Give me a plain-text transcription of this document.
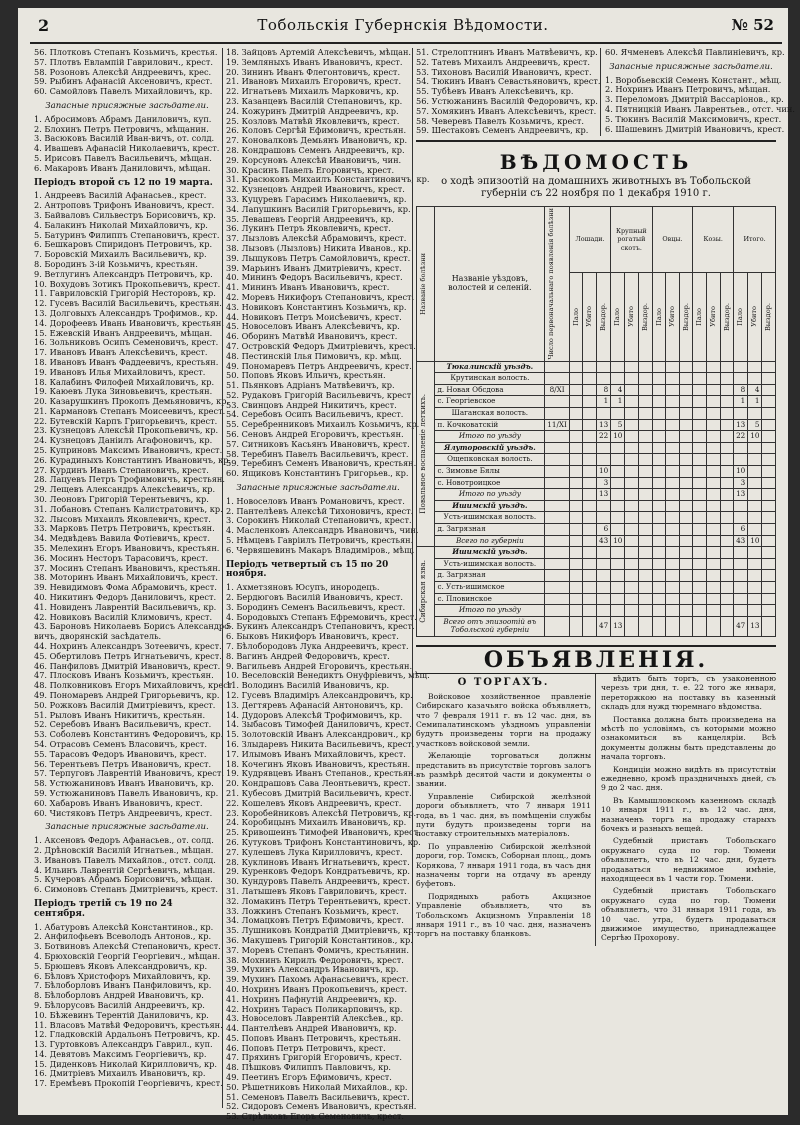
2	Тобольскія Губернскія Вѣдомости.	№ 52
56. Плотковъ Степанъ Козьмичъ, крестья.
57. Плотвъ Евлампій Гаврилович., крест.
58. Розоновъ Алексѣй Андреевичъ, крес.
59. Рыбинъ Афанасій Аксеновичъ, крест.
60. Самойловъ Павелъ Михайловичъ, кр.
Запасные присяжные засѣдатели.
1. Абросимовъ Абрамъ Даниловичъ, куп.
2. Блохинъ Петръ Петровичъ, мѣщанин.
3. Васюковъ Василій Иван-вичъ, от. солд.
4. Ивашевъ Афанасій Николаевичъ, крест.
5. Ирисовъ Павелъ Васильевичъ, мѣщан.
6. Макаровъ Иванъ Даниловичъ, мѣщан.
Періодъ второй съ 12 по 19 марта.
1. Андреевъ Василій Афанасьев., крест.
2. Антроповъ Трифонъ Ивановичъ, крест.
3. Байваловъ Сильвестръ Борисовичъ, кр.
4. Балакинъ Николай Михайловичъ, кр.
5. Батуринъ Филиппъ Степановичъ, крест.
6. Бешкаровъ Спиридонъ Петровичъ, кр.
7. Боровскій Михаилъ Васильевичъ, кр.
8. Бородинъ 3-ій Козьмичъ, крестьян.
9. Ветлугинъ Александръ Петровичъ, кр.
10. Вохудовъ Зотикъ Прокопьевичъ, крест.
11. Гавриловскій Григорій Несторовъ, кр.
12. Гусевъ Василій Васильевичъ, крестьян.
13. Долговыхъ Александръ Трофимов., кр.
14. Дорофеевъ Ивань Ивановичъ, крестьян.
15. Ежевскій Иванъ Андреевичъ, мѣщан.
16. Зольниковъ Осипъ Семеновичъ, крест.
17. Ивановъ Иванъ Алексѣевичъ, крест.
18. Ивановъ Иванъ Фаддеевичъ, крестьян.
19. Ивановъ Илья Михайловичъ, крест.
18. Калабинъ Филофей Михайловичъ, кр.
19. Каюевъ Лука Зиновьевичъ, крестьян.
20. Казарушкинъ Прокопъ Демьяновичъ, кр.
21. Кармановъ Степанъ Моисеевичъ, крест.
22. Бутевскій Карпъ Григорьевичъ, крест.
23. Кузнецовъ Алексѣй Прокопьевичъ, кр.
24. Кузнецовъ Даніилъ Агафоновичъ, кр.
25. Куприновъ Максимъ Ивановичъ, крест.
26. Курадиныхъ Константинъ Ивановичъ, кр.
27. Курдинъ Иванъ Степановичъ, крест.
28. Лацуевъ Петръ Трофимовичъ, крестьян.
29. Лещевъ Александръ Алексѣевичъ, кр.
30. Леоновъ Григорій Терентьевичъ, кр.
31. Лобановъ Степанъ Калистратовичъ, кр.
32. Лысовъ Михаилъ Яковлевичъ, крест.
33. Марковъ Петръ Петровичъ, крестьян.
34. Медвѣдевъ Вавила Фотіевичъ, крест.
35. Мелехинъ Егоръ Ивановичъ, крестьян.
36. Мосинъ Несторъ Тарасовичъ, крест.
37. Мосинъ Степанъ Ивановичъ, крестьян.
38. Моторинъ Иванъ Михайловичъ, крест.
39. Невидимовъ Фома Абрамовичъ, крест.
40. Никитинъ Федоръ Даниловичъ, крест.
41. Новиденъ Лаврентій Васильевичъ, кр.
42. Новиковъ Василій Климовичъ, крест.
43. Бароновъ Николаевъ Борисъ Александро-
вичъ, дворянскій засѣдатель.
44. Нохринъ Александръ Зотеевичъ, крест.
45. Обертиловъ Петръ Игнатьевичъ, крест.
46. Панфиловъ Дмитрій Ивановичъ, крест.
47. Плосковъ Иванъ Козьмичъ, крестьян.
48. Полковниковъ Егоръ Михайловичъ, крест.
49. Пономаревъ Андрей Григорьевичъ, кр.
50. Рожковъ Василій Дмитріевичъ, крест.
51. Рыловъ Иванъ Никитичъ, крестьян.
52. Серебовъ Иванъ Васильевичъ, крест.
53. Соболевъ Константинъ Федоровичъ, кр.
54. Отрасовъ Семенъ Власовичъ, крест.
55. Тарасовъ Федоръ Ивановичъ, крест.
56. Терентьевъ Петръ Ивановичъ, крест.
57. Терпуговъ Лаврентій Ивановичъ, крест.
58. Устюжаниновъ Иванъ Ивановичъ, кр.
59. Устюжаниновъ Павелъ Ивановичъ, кр.
60. Хабаровъ Иванъ Ивановичъ, крест.
60. Чистяковъ Петръ Андреевичъ, крест.
Запасные присяжные засѣдатели.
1. Аксеновъ Федоръ Афанасьев., от. солд.
2. Дрѣновскій Василій Игнатьев., мѣщан.
3. Ивановъ Павелъ Михайлов., отст. солд.
4. Ильинъ Лаврентій Сергѣевичъ, мѣщан.
5. Кучеровъ Абрамъ Борисовичъ, мѣщан.
6. Симоновъ Степанъ Дмитріевичъ, крест.
Періодъ третій съ 19 по 24 сентября.
1. Абатуровъ Алексѣй Константинов., кр.
2. Анфилофьевъ Всеволодъ Антонов., кр.
3. Ботвиновъ Алексѣй Степановичъ, крест.
4. Брюховскій Георгій Георгіевич., мѣщан.
5. Брюшевъ Яковъ Александровичъ, кр.
6. Бѣловъ Христофоръ Михайловичъ, кр.
7. Бѣлоборловъ Иванъ Панфиловичъ, кр.
8. Бѣлоборловъ Андрей Ивановичъ, кр.
9. Бѣлорусовъ Василій Андреевичъ, кр.
10. Бѣжевинъ Терентій Даниловичъ, кр.
11. Власовъ Матвѣй Федоровичъ, крестьян.
12. Гладковскій Ардальонъ Петровичъ, кр.
13. Гуртовковъ Александръ Гаврил., куп.
14. Девятовъ Максимъ Георгіевичъ, кр.
15. Диденковъ Николай Кирилловичъ, кр.
16. Дмитріевъ Михаилъ Ивановичъ, кр.
17. Еремѣевъ Прокопій Георгіевичъ, крест.
18. Зайцовъ Артемій Алексѣевичъ, мѣщан.
19. Земляныхъ Иванъ Ивановичъ, крест.
20. Зининъ Иванъ Флегонтовичъ, крест.
21. Ивановъ Михаилъ Егоровичъ, крест.
22. Игнатьевъ Михаилъ Марковичъ, кр.
23. Казанцевъ Василій Степановичъ, кр.
24. Кожуринъ Дмитрій Андреевичъ, кр.
25. Козловъ Матвѣй Яковлевичъ, крест.
26. Коловъ Сергѣй Ефимовичъ, крестьян.
27. Коновалковъ Демьянъ Ивановичъ, кр.
28. Кондрашовъ Семенъ Андреевичъ, кр.
29. Корсуновъ Алексѣй Ивановичъ, чин.
30. Красинъ Павелъ Егоровичъ, крест.
31. Красюковъ Михаилъ Константиновичъ, кр.
32. Кузнецовъ Андрей Ивановичъ, крест.
33. Куцуревъ Гарасимъ Николаевичъ, кр.
34. Лапушкинъ Василій Григорьевичъ, кр.
35. Левашевъ Георгій Андреевичъ, кр.
36. Лукинъ Петръ Яковлевичъ, крест.
37. Лызловъ Алексѣй Абрамовичъ, крест.
38. Лызовъ (Лызловъ) Никита Иванов., кр.
39. Лыщуковъ Петръ Самойловичъ, крест.
39. Марьинъ Иванъ Дмитріевичъ, крест.
40. Мининъ Федоръ Васильевичъ, крест.
41. Мининъ Иванъ Ивановичъ, крест.
42. Моревъ Никифоръ Степановичъ, крест.
43. Новиковъ Константинъ Козьмичъ, кр.
44. Новиковъ Петръ Моисѣевичъ, крест.
45. Новоселовъ Иванъ Алексѣевичъ, кр.
46. Оборинъ Матвѣй Ивановичъ, крест.
47. Островскій Федоръ Дмитріевичъ, крест.
48. Пестинскій Ілья Пимовичъ, кр. мѣщ.
49. Пономаревъ Петръ Андреевичъ, крест.
50. Поповъ Яковъ Ильичъ, крестьян.
51. Пьянковъ Адріанъ Матвѣевичъ, кр.
52. Рудаковъ Григорій Васильевичъ, крест.
53. Свинцовъ Андрей Никитичъ, крест.
54. Серебовъ Осипъ Васильевичъ, крест.
55. Серебренниковъ Михаилъ Козьмичъ, кр.
56. Сеновъ Андрей Егоровичъ, крестьян.
57. Ситниковъ Касьянъ Ивановичъ, крест.
58. Теребинъ Павелъ Васильевичъ, крест.
59. Теребинъ Семенъ Ивановичъ, крестьян.
60. Ящиковъ Константинъ Григорьев., кр.
Запасные присяжные засѣдатели.
1. Новоселовъ Иванъ Романовичъ, крест.
2. Пантелѣевъ Алексѣй Тихоновичъ, крест.
3. Сорокинъ Николай Степановичъ, крест.
4. Масленковъ Александръ Ивановичъ, чин.
5. Нѣмцевъ Гавріилъ Петровичъ, крестьян.
6. Червяшевинъ Макаръ Владиміров., мѣщ.
Періодъ четвертый съ 15 по 20 ноября.
1. Ахметзяновъ Юсупъ, инородецъ.
2. Бердюговъ Василій Ивановичъ, крест.
3. Бородинъ Семенъ Васильевичъ, крест.
4. Бородовыхъ Степанъ Ефремовичъ, крест.
5. Букинъ Александръ Степановичъ, крест.
6. Быковъ Никифоръ Ивановичъ, крест.
7. Бѣлобородовъ Лука Андреевичъ, крест.
8. Вагинъ Андрей Федоровичъ, крест.
9. Вагильевъ Андрей Егоровичъ, крестьян.
10. Веселовскій Венедиктъ Онуфріевичъ, мѣщ.
11. Володинъ Василій Ивановичъ, кр.
12. Гусевъ Владиміръ Александровичъ, кр.
13. Дегтяревъ Афанасій Антоновичъ, кр.
14. Дудоровъ Алексѣй Трофимовичъ, кр.
14. Зыбасовъ Тимофей Даниловичъ, крест.
15. Золотовскій Иванъ Александрович., кр.
16. Злыдаревъ Никита Васильевичъ, крест.
17. Илымовъ Иванъ Михайловичъ, крест.
18. Кочегинъ Яковъ Ивановичъ, крестьян.
19. Кудрявцевъ Иванъ Степанов., крестьян.
20. Кондрашовъ Сава Леонтьевичъ, крест.
21. Кубесовъ Дмитрій Васильевичъ, крест.
22. Кошелевъ Яковъ Андреевичъ, крест.
23. Коробейниковъ Алексѣй Петровичъ, кр.
24. Коробицынъ Михаилъ Ивановичъ, кр.
25. Кривошеинъ Тимофей Ивановичъ, крест.
26. Кутуковъ Трифонъ Константиновичъ, кр.
27. Кулешевъ Лука Кирилловичъ, крест.
28. Куклиновъ Иванъ Игнатьевичъ, крест.
29. Куренковъ Федоръ Кондратьевичъ, кр.
30. Кундуровъ Павелъ Андреевичъ, крест.
31. Латышевъ Яковъ Гавриловичъ, крест.
32. Ломакинъ Петръ Терентьевичъ, крест.
33. Ложкинъ Степанъ Козьмичъ, крест.
34. Ломацковъ Петръ Ефимовичъ, крест.
35. Лушниковъ Кондратій Дмитріевичъ, кр.
36. Макушевъ Григорій Константинов., кр.
37. Моревъ Степанъ Фомичъ, крестьянин.
38. Мохнинъ Кирилъ Федоровичъ, крест.
39. Мухинъ Александръ Ивановичъ, кр.
39. Мухинъ Пахомъ Афанасьевичъ, крест.
40. Нохринъ Иванъ Прокопьевичъ, крест.
41. Нохринъ Пафнутій Андреевичъ, кр.
42. Нохринъ Тарасъ Поликарповичъ, кр.
43. Новоселовъ Лаврентій Алексѣев., кр.
44. Пантелѣевъ Андрей Ивановичъ, кр.
45. Поповъ Иванъ Петровичъ, крестьян.
46. Поповъ Петръ Петровичъ, крест.
47. Пряхинъ Григорій Егоровичъ, крест.
48. Пѣшковъ Филиппъ Павловичъ, кр.
49. Пеетинъ Егоръ Ефимовичъ, крест.
50. Рѣшетниковъ Николай Михайлов., кр.
51. Семеновъ Павелъ Васильевичъ, крест.
52. Сидоровъ Семенъ Ивановичъ, крестьян.
53. Стрѣлковъ Егоръ Семеновичъ, крест.
51. Стрелоптнинъ Иванъ Матвѣевичъ, кр.
52. Татевъ Михаилъ Андреевичъ, крест.
53. Тихоновъ Василій Ивановичъ, крест.
54. Тюкинъ Иванъ Севастьяновичъ, крест.
55. Тубѣевъ Иванъ Алексѣевичъ, кр.
56. Устюжанинъ Василій Федоровичъ, кр.
57. Хомякинъ Иванъ Алексѣевичъ, крест.
58. Чеверевъ Павелъ Козьмичъ, крест.
59. Шестаковъ Семенъ Андреевичъ, кр.
60. Ячменевъ Алексѣй Павлиніевичъ, кр.
Запасные присяжные засѣдатели.
1. Воробьевскій Семенъ Констант., мѣщ.
2. Нохринъ Иванъ Петровичъ, мѣщан.
3. Переломовъ Дмитрій Вассаріонов., кр.
4. Пятницкій Иванъ Лаврентьев., отст. чин.
5. Тюкинъ Василій Максимовичъ, крест.
6. Шашевинъ Дмитрій Ивановичъ, крест.
ВѢДОМОСТЬ
о ходѣ эпизоотій на домашнихъ животныхъ въ Тобольской губерніи съ 22 ноября по 1 декабря 1910 г.
Названіе болѣзни	Названіе уѣздовъ, волостей и селеній.	Число первоначальнаго появленія болѣзни	Лошади.			Крупный рогатый скотъ.			Овцы.			Козы.			Итого.		

			Пало	Убито	Выздор.	Пало	Убито	Выздор.	Пало	Убито	Выздор.	Пало	Убито	Выздор.	Пало	Убито	Выздор.

Повальное воспаленіе легкихъ.	Тюкалинскій уѣздъ.																
	Крутинская волость.																
	д. Новая Обсдова	8/XI			8	4									8	4	
	с. Георгіевское				1	1									1	1	
	Шаганская волость.																
	п. Кочковатскій	11/XI			13	5									13	5	
	Итого по уѣзду				22	10									22	10	
	Ялуторовскій уѣздъ.																
	Ощепковская волость.																
	с. Зимовье Бялы				10										10		
	с. Новотроицкое				3										3		
	Итого по уѣзду				13										13		
	Ишимскій уѣздъ.																
	Усть-ишимская волость.																
	д. Загрязная				6										6		
	Всего по губерніи				43	10									43	10	

Сибирская язва.	Ишимскій уѣздъ.																
	Усть-ишимская волость.																
	д. Загрязная																
	с. Усть-ишимское																
	с. Пловинское																
	Итого по уѣзду																
	Всего отъ эпизоотій въ Тобольской губерніи				47	13									47	13	
ОБЪЯВЛЕНІЯ.
О ТОРГАХЪ.

Войсковое хозяйственное правленіе Сибирскаго казачьяго войска объявляетъ, что 7 февраля 1911 г. въ 12 час. дня, въ Семипалатинскомъ уѣздномъ управленіи будутъ произведены торги на продажу участковъ войсковой земли.

Желающіе торговаться должны представить въ присутствіе торговъ залогъ въ размѣрѣ десятой части и документы о звании.

Управленіе Сибирской желѣзной дороги объявляетъ, что 7 января 1911 года, въ 1 час. дня, въ помѣщеніи службы пути будутъ произведены торги на поставку строительныхъ матеріаловъ.

По управленію Сибирской желѣзной дороги, гор. Томскъ, Соборная площ., домъ Корякова, 7 января 1911 года, въ часъ дня назначены торги на отдачу въ аренду буфетовъ.

Подрядныхъ работъ Акцизное Управленіе объявляетъ, что въ Тобольскомъ Акцизномъ Управленіи 18 января 1911 г., въ 10 час. дня, назначенъ торгъ на поставку бланковъ.

вѣдитъ быть торгъ, съ узаконенною черезъ три дня, т. е. 22 того же января, переторжкою на поставку въ казенный складъ для нужд тюремнаго вѣдомства.

Поставка должна быть произведена на мѣстѣ по условіямъ, съ которыми можно ознакомиться въ канцеляріи. Всѣ документы должны быть представлены до начала торговъ.

Кондиціи можно видѣть въ присутствіи ежедневно, кромѣ праздничныхъ дней, съ 9 до 2 час. дня.

Въ Камышловскомъ казенномъ складѣ 10 января 1911 г., въ 12 час. дня, назначенъ торгъ на продажу старыхъ бочекъ и разныхъ вещей.

Судебный приставъ Тобольскаго окружнаго суда по гор. Тюмени объявляетъ, что въ 12 час. дня, будетъ продаваться недвижимое имѣніе, находящееся въ 1 части гор. Тюмени.

Судебный приставъ Тобольскаго окружнаго суда по гор. Тюмени объявляетъ, что 31 января 1911 года, въ 10 час. утра, будетъ продаваться движимое имущество, принадлежащее Сергѣю Прохорову.
